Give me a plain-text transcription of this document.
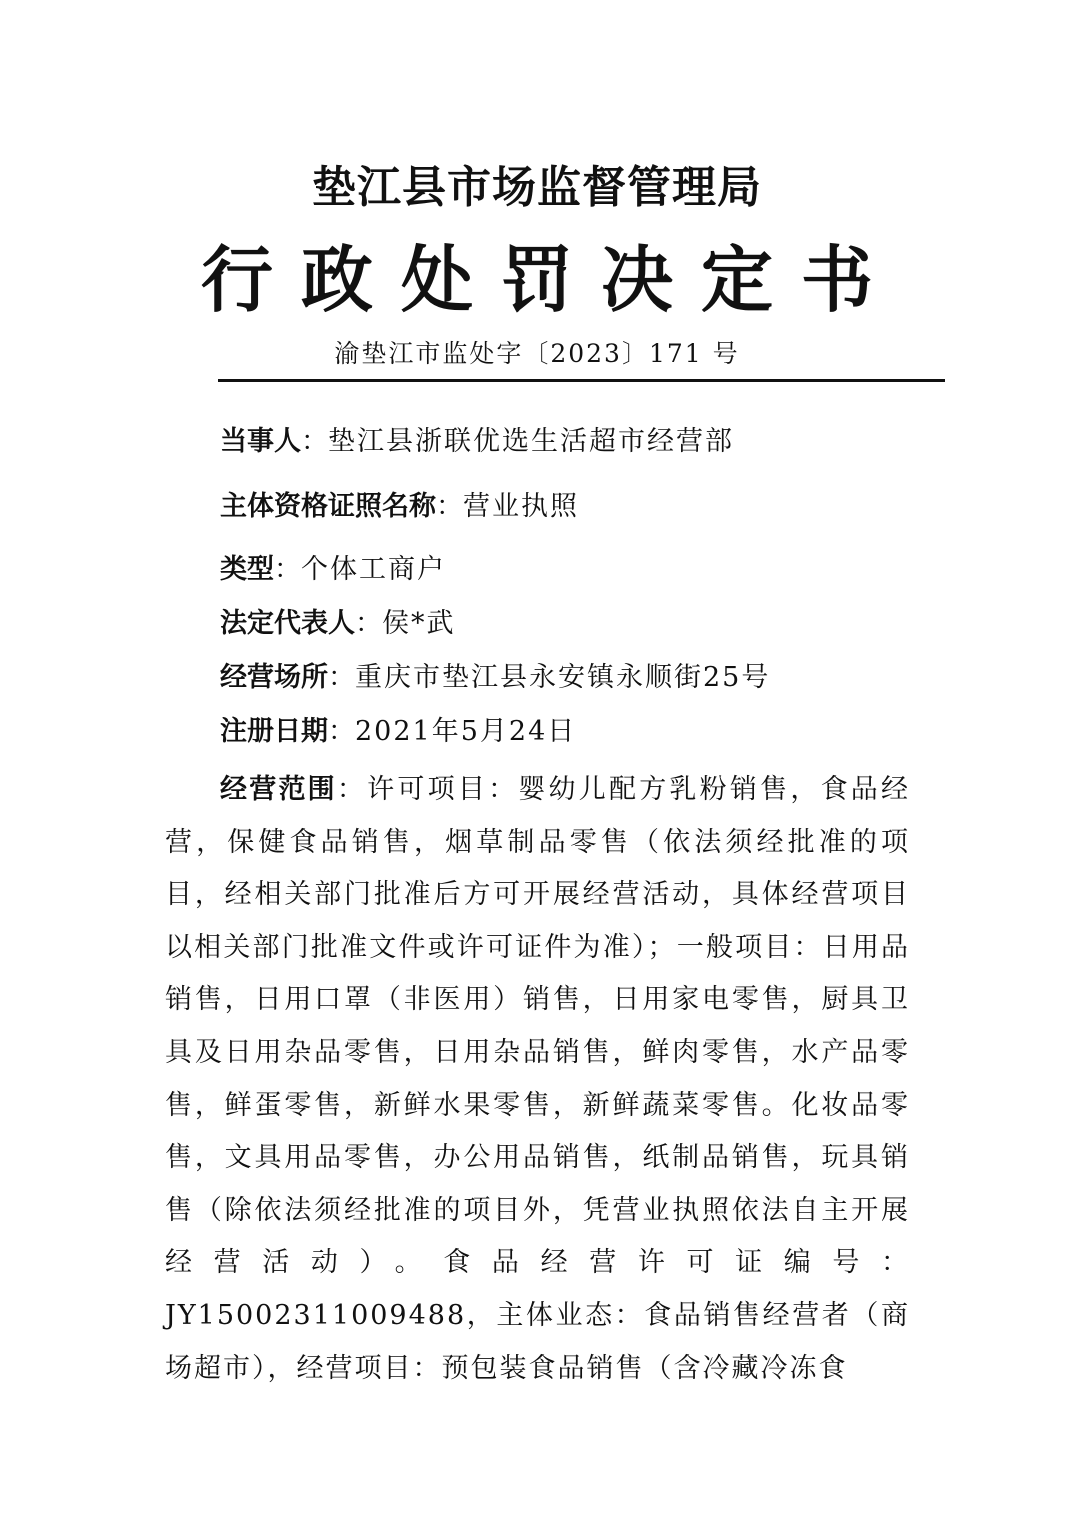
垫江县市场监督管理局
行政处罚决定书
渝垫江市监处字〔2023〕171 号
当事人：垫江县浙联优选生活超市经营部
主体资格证照名称：营业执照
类型：个体工商户
法定代表人：侯*武
经营场所：重庆市垫江县永安镇永顺街25号
注册日期：2021年5月24日

经营范围：许可项目：婴幼儿配方乳粉销售，食品经营，保健食品销售，烟草制品零售（依法须经批准的项目，经相关部门批准后方可开展经营活动，具体经营项目以相关部门批准文件或许可证件为准）；一般项目：日用品销售，日用口罩（非医用）销售，日用家电零售，厨具卫具及日用杂品零售，日用杂品销售，鲜肉零售，水产品零售，鲜蛋零售，新鲜水果零售，新鲜蔬菜零售。化妆品零售，文具用品零售，办公用品销售，纸制品销售，玩具销售（除依法须经批准的项目外，凭营业执照依法自主开展经营活动）。食品经营许可证编号：JY15002311009488，主体业态：食品销售经营者（商场超市），经营项目：预包装食品销售（含冷藏冷冻食
